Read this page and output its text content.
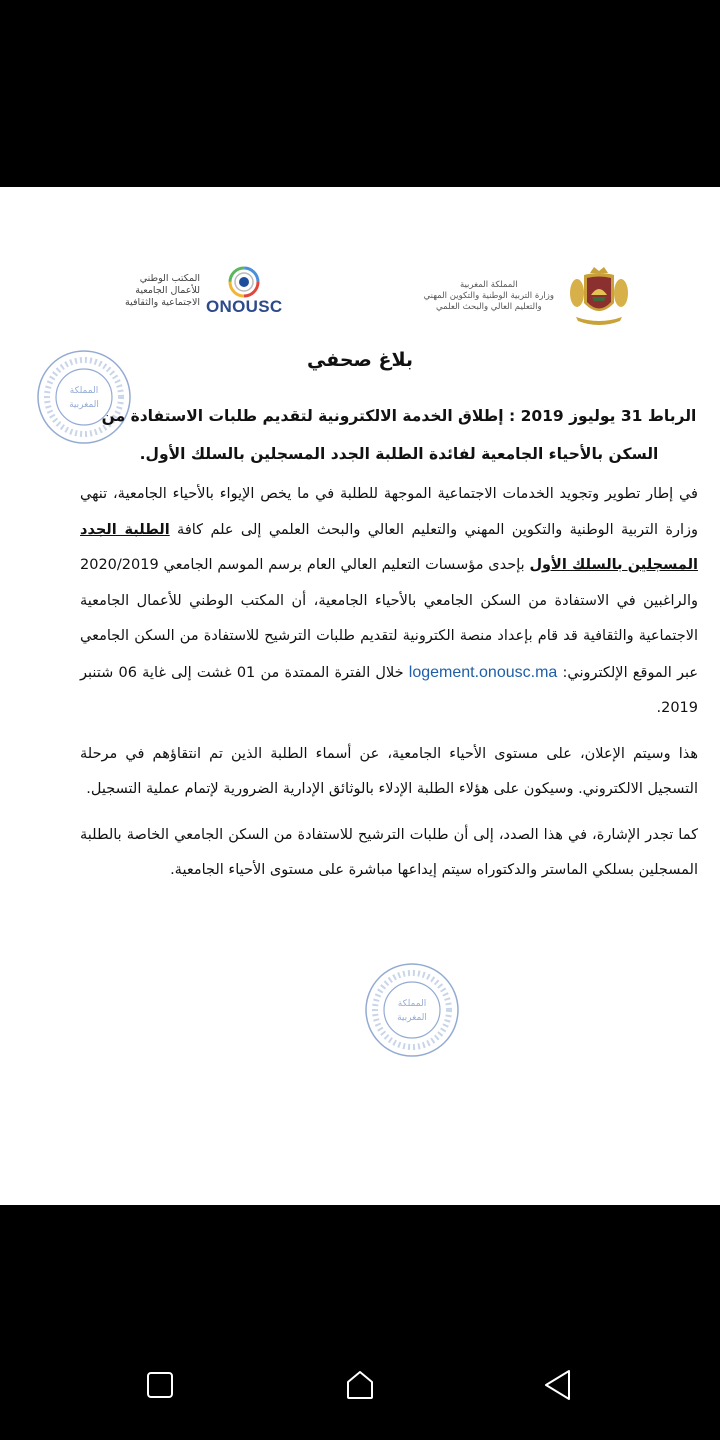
المملكة المغربية
وزارة التربية الوطنية والتكوين المهني
والتعليم العالي والبحث العلمي
المكتب الوطني
للأعمال الجامعية
الاجتماعية والثقافية ONOUSC
المملكة
المغربية
بلاغ صحفي
الرباط 31 يوليوز 2019 : إطلاق الخدمة الالكترونية لتقديم طلبات الاستفادة من السكن بالأحياء الجامعية لفائدة الطلبة الجدد المسجلين بالسلك الأول.

في إطار تطوير وتجويد الخدمات الاجتماعية الموجهة للطلبة في ما يخص الإيواء بالأحياء الجامعية، تنهي وزارة التربية الوطنية والتكوين المهني والتعليم العالي والبحث العلمي إلى علم كافة الطلبة الجدد المسجلين بالسلك الأول بإحدى مؤسسات التعليم العالي العام برسم الموسم الجامعي 2020/2019 والراغبين في الاستفادة من السكن الجامعي بالأحياء الجامعية، أن المكتب الوطني للأعمال الجامعية الاجتماعية والثقافية قد قام بإعداد منصة الكترونية لتقديم طلبات الترشيح للاستفادة من السكن الجامعي عبر الموقع الإلكتروني: logement.onousc.ma خلال الفترة الممتدة من 01 غشت إلى غاية 06 شتنبر 2019.

هذا وسيتم الإعلان، على مستوى الأحياء الجامعية، عن أسماء الطلبة الذين تم انتقاؤهم في مرحلة التسجيل الالكتروني. وسيكون على هؤلاء الطلبة الإدلاء بالوثائق الإدارية الضرورية لإتمام عملية التسجيل.

كما تجدر الإشارة، في هذا الصدد، إلى أن طلبات الترشيح للاستفادة من السكن الجامعي الخاصة بالطلبة المسجلين بسلكي الماستر والدكتوراه سيتم إيداعها مباشرة على مستوى الأحياء الجامعية.

المملكة
المغربية
